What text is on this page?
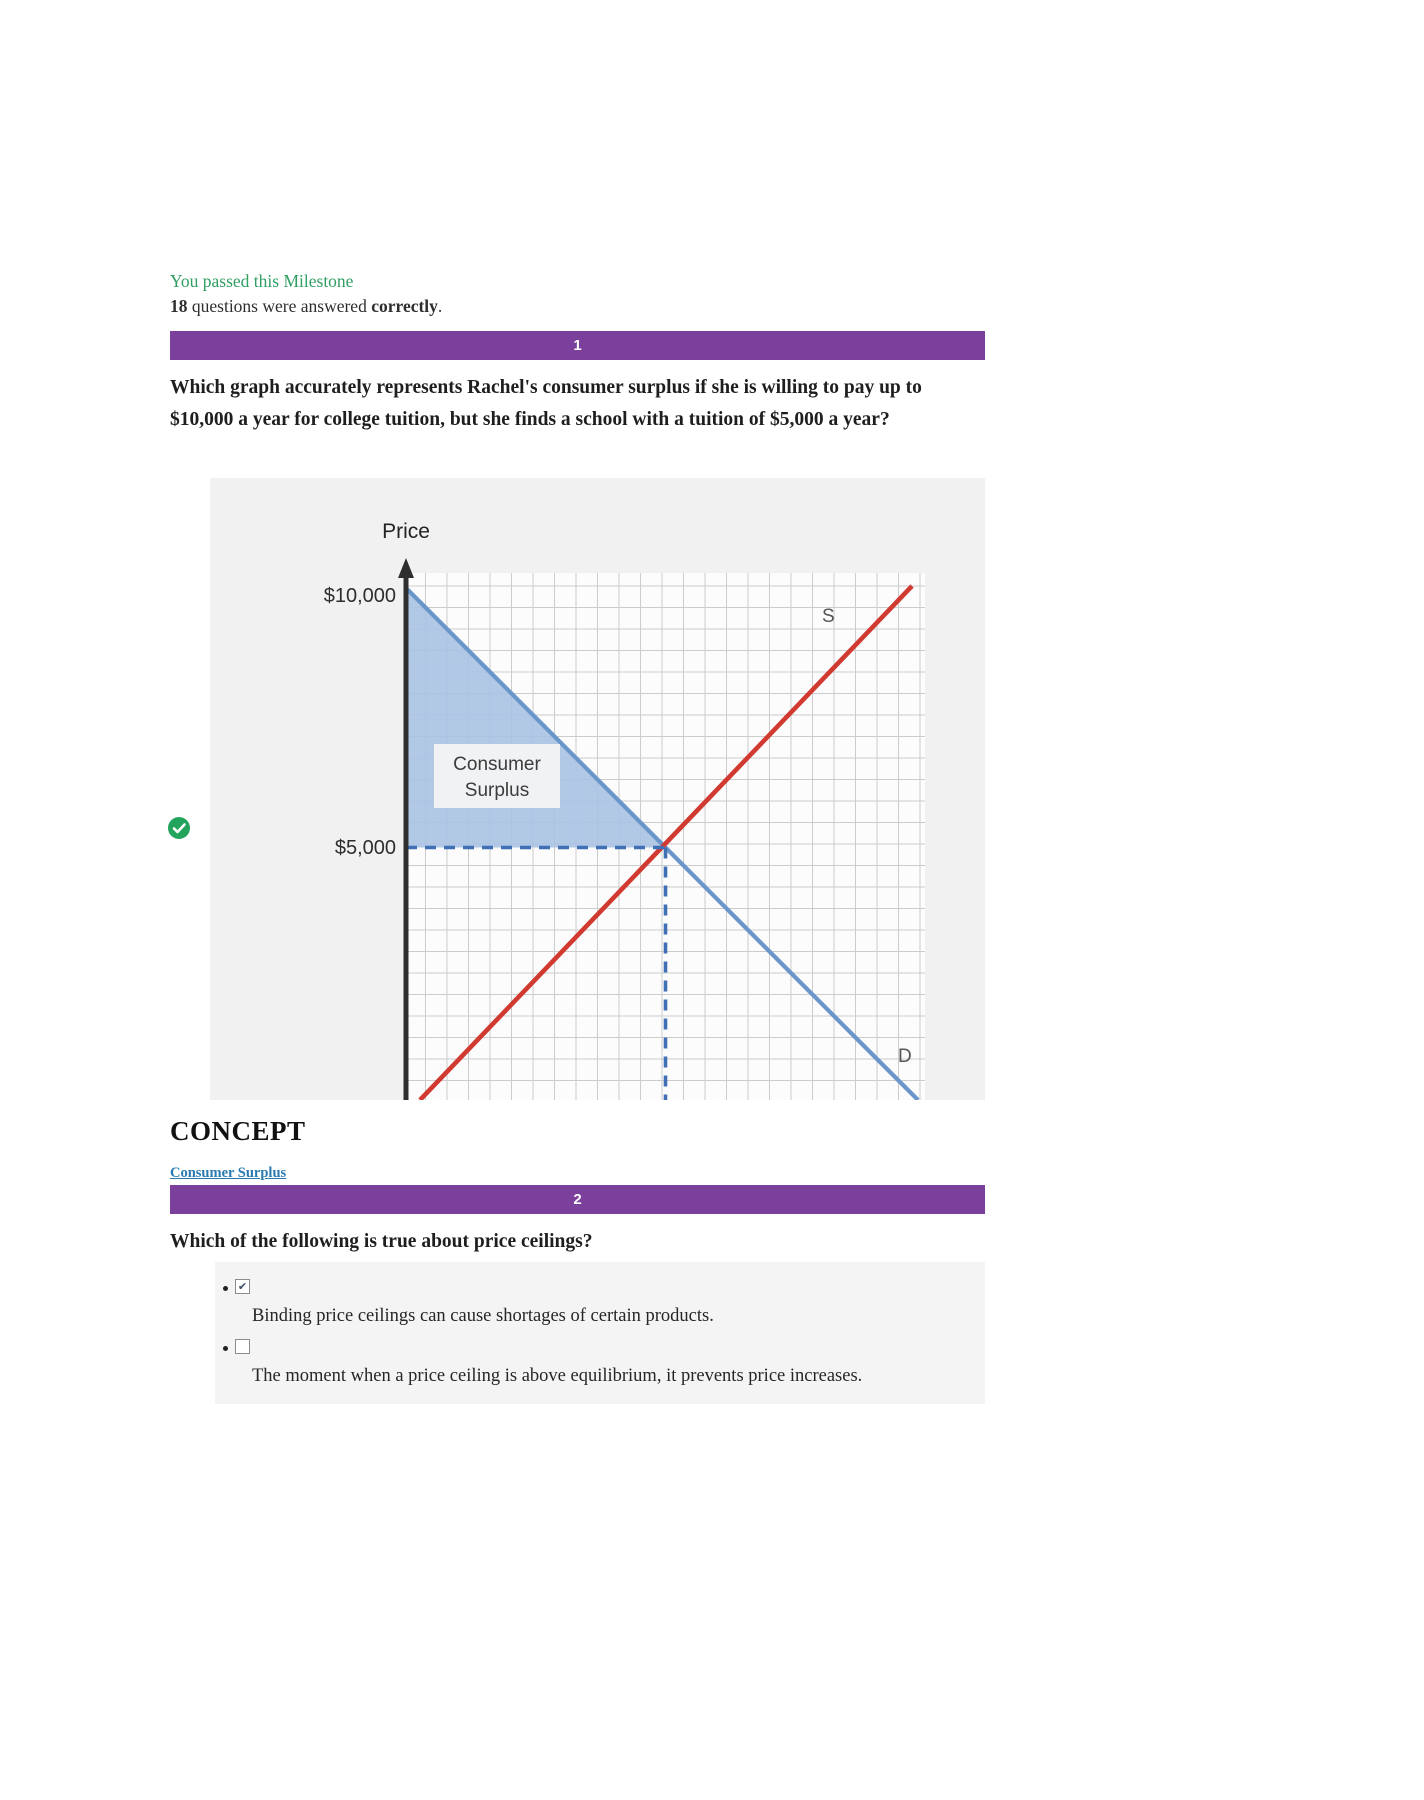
You passed this Milestone
18 questions were answered correctly.
1
Which graph accurately represents Rachel's consumer surplus if she is willing to pay up to $10,000 a year for college tuition, but she finds a school with a tuition of $5,000 a year?
Consumer
Surplus
Price
$10,000
$5,000
S
D
CONCEPT
Consumer Surplus
2
Which of the following is true about price ceilings?
✔
Binding price ceilings can cause shortages of certain products.
The moment when a price ceiling is above equilibrium, it prevents price increases.
